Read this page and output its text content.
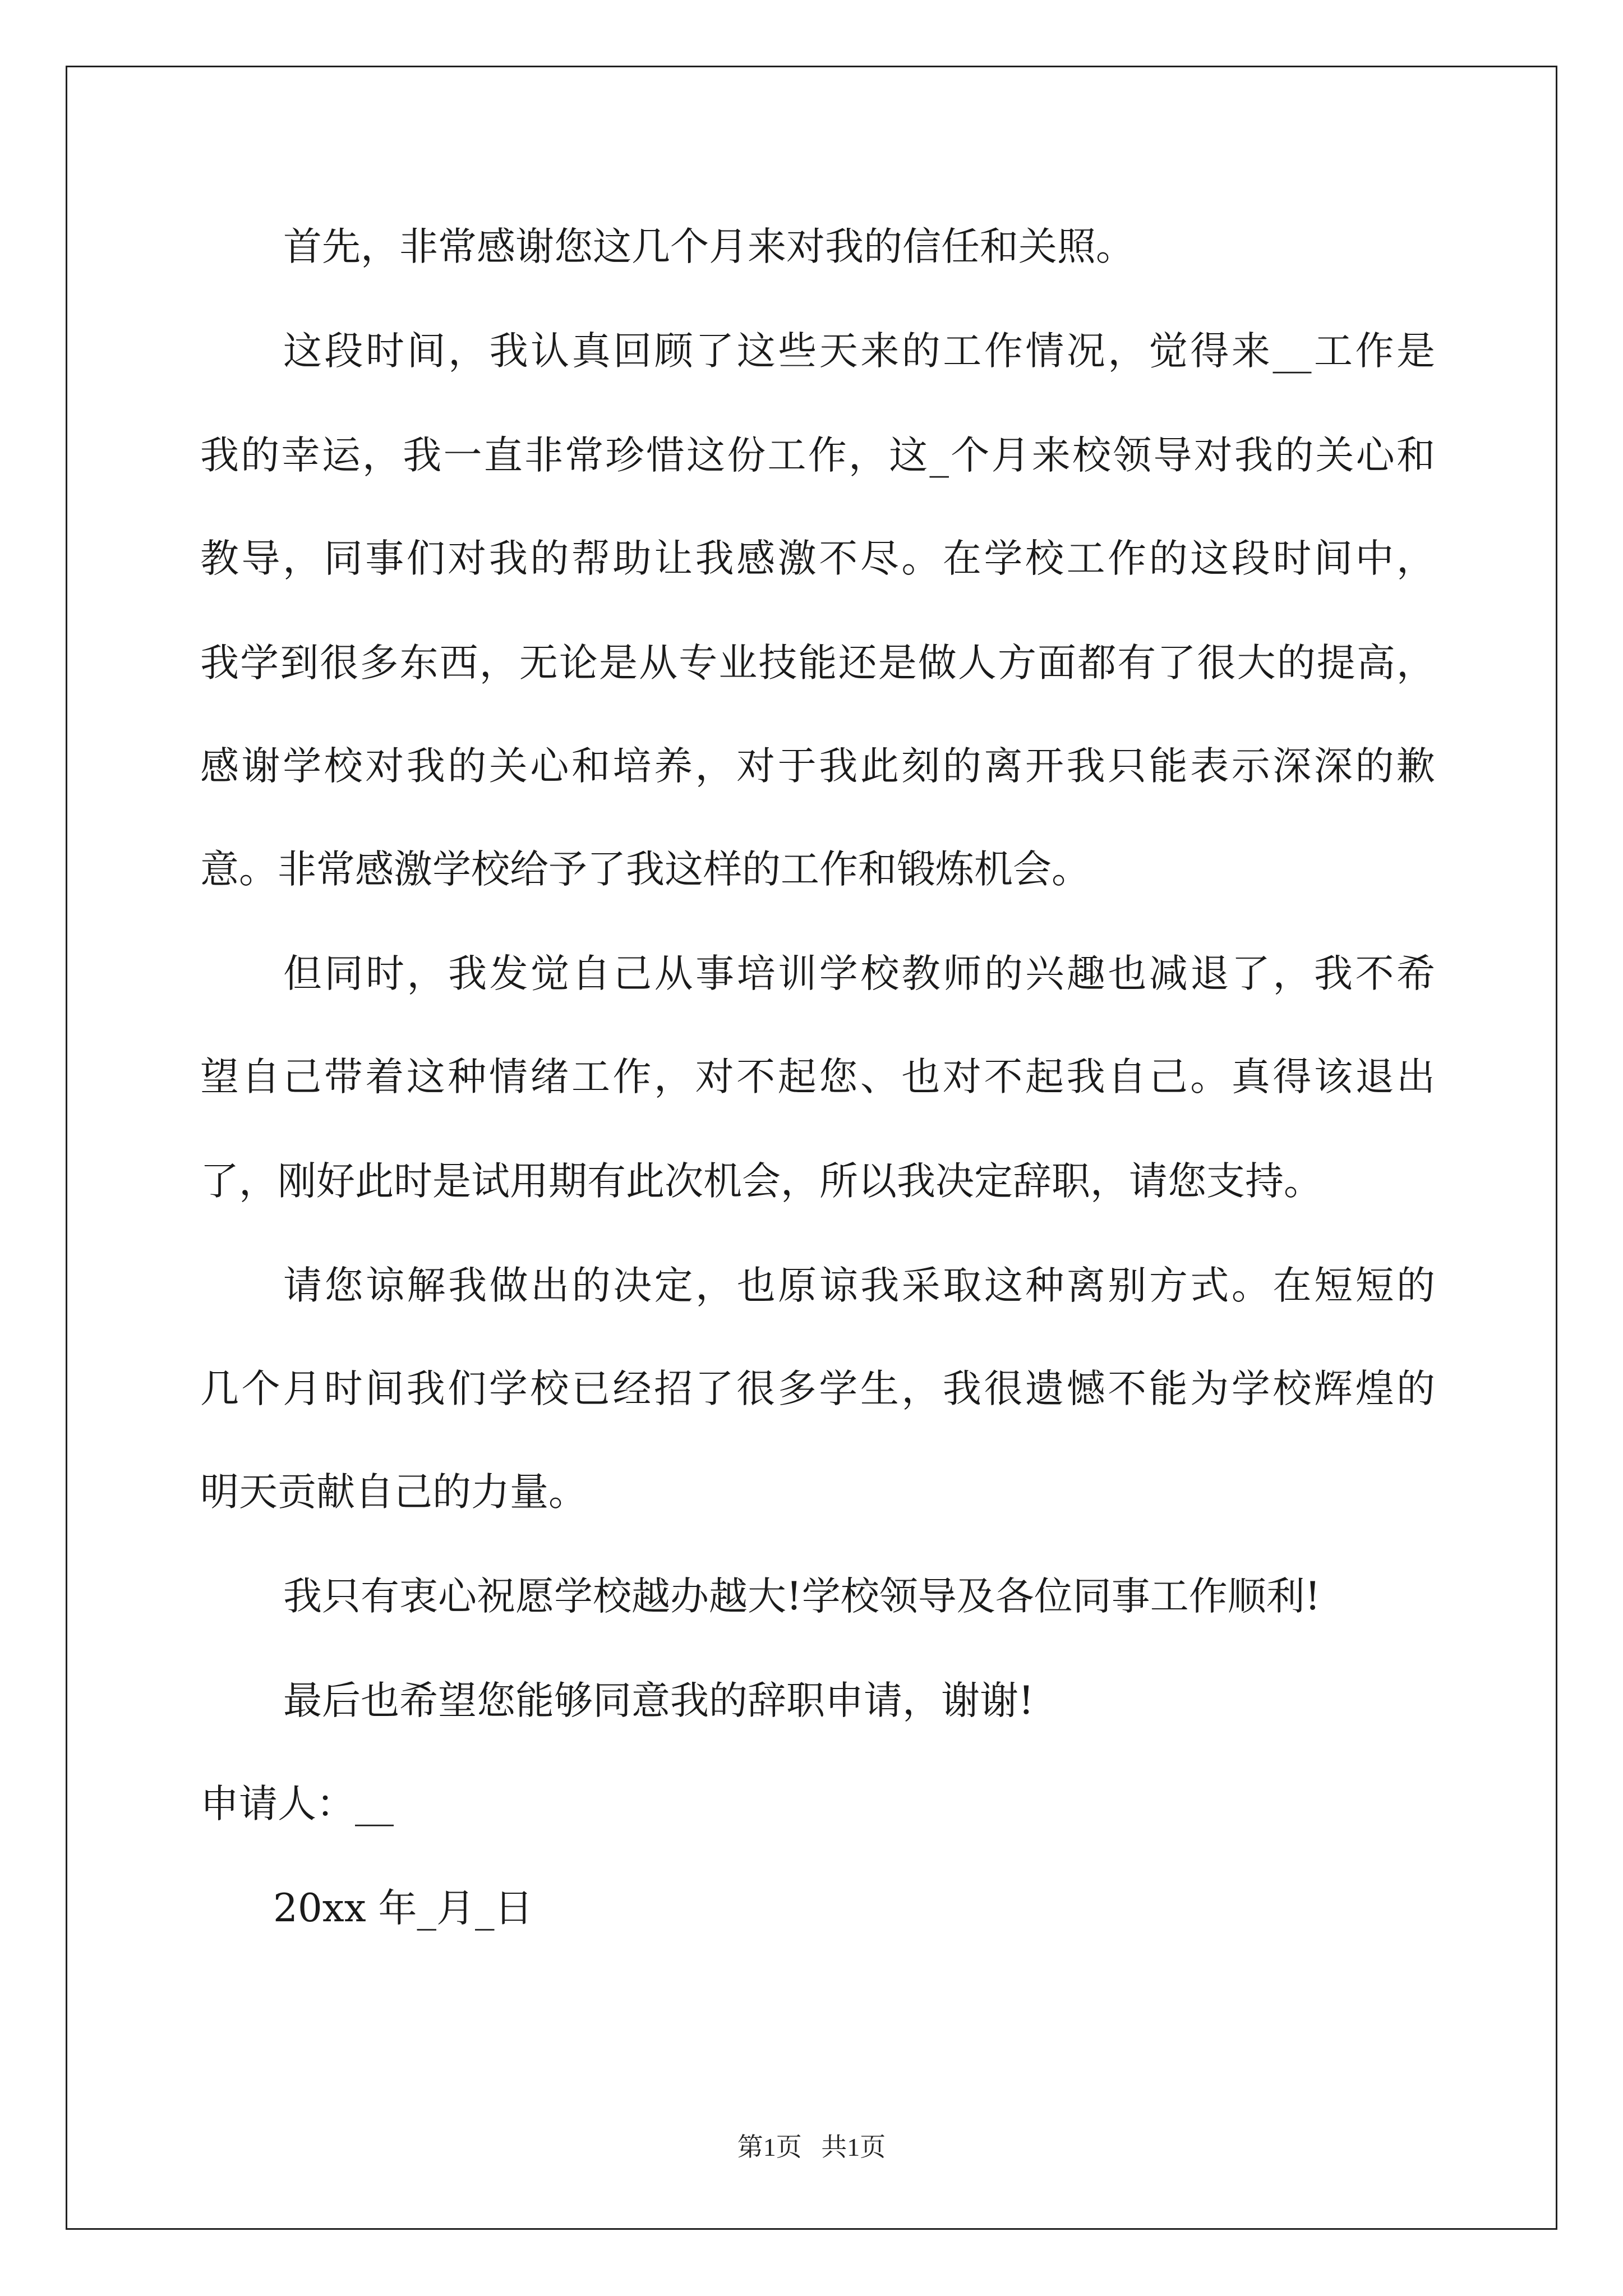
首先，非常感谢您这几个月来对我的信任和关照。
这段时间，我认真回顾了这些天来的工作情况，觉得来__工作是
我的幸运，我一直非常珍惜这份工作，这_个月来校领导对我的关心和
教导，同事们对我的帮助让我感激不尽。在学校工作的这段时间中，
我学到很多东西，无论是从专业技能还是做人方面都有了很大的提高，
感谢学校对我的关心和培养，对于我此刻的离开我只能表示深深的歉
意。非常感激学校给予了我这样的工作和锻炼机会。
但同时，我发觉自己从事培训学校教师的兴趣也减退了，我不希
望自己带着这种情绪工作，对不起您、也对不起我自己。真得该退出
了，刚好此时是试用期有此次机会，所以我决定辞职，请您支持。
请您谅解我做出的决定，也原谅我采取这种离别方式。在短短的
几个月时间我们学校已经招了很多学生，我很遗憾不能为学校辉煌的
明天贡献自己的力量。
我只有衷心祝愿学校越办越大!学校领导及各位同事工作顺利!
最后也希望您能够同意我的辞职申请，谢谢!
申请人：__
20xx 年_月_日
第1页   共1页
